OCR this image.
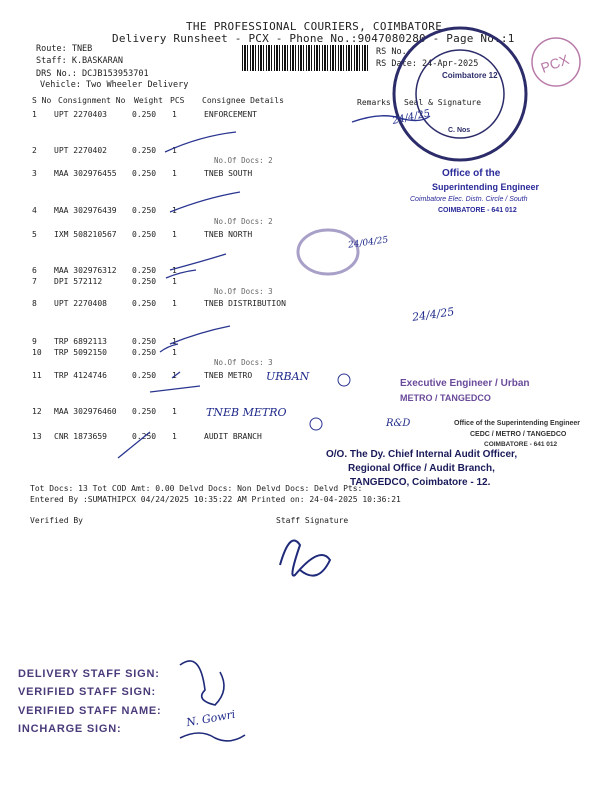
THE PROFESSIONAL COURIERS, COIMBATORE
Delivery Runsheet - PCX - Phone No.:9047080280 - Page No.:1
Route: TNEB
Staff: K.BASKARAN
DRS No.: DCJB153953701
Vehicle: Two Wheeler Delivery
RS No.:
RS Date: 24-Apr-2025
S No Consignment No Weight PCS Consignee Details	Remarks Seal & Signature
1 UPT 2270403	0.250 1	ENFORCEMENT
2 UPT 2270402	0.250 1
No.Of Docs: 2
3 MAA 302976455 0.250 1	TNEB SOUTH
4 MAA 302976439 0.250 1
No.Of Docs: 2
5 IXM 508210567 0.250 1	TNEB NORTH
6 MAA 302976312 0.250 1
7 DPI 572112	0.250 1
No.Of Docs: 3
8 UPT 2270408	0.250 1	TNEB DISTRIBUTION
9 TRP 6892113	0.250 1
10 TRP 5092150	0.250 1
No.Of Docs: 3
11 TRP 4124746	0.250 1	TNEB METRO
12 MAA 302976460 0.250 1
13 CNR 1873659	0.250 1	AUDIT BRANCH
Tot Docs: 13 Tot COD Amt: 0.00 Delvd Docs: Non Delvd Docs: Delvd Pts:
Entered By :SUMATHIPCX 04/24/2025 10:35:22 AM Printed on: 24-04-2025 10:36:21
Verified By	Staff Signature
PCX
Coimbatore 12
C. Nos
24/4/25
24/04/25
24/4/25
URBAN
TNEB METRO
R&D
N. Gowri
Office of the
Superintending Engineer
Coimbatore Elec. Distn. Circle / South
COIMBATORE - 641 012
Executive Engineer / Urban
METRO / TANGEDCO
Office of the Superintending Engineer
CEDC / METRO / TANGEDCO
COIMBATORE - 641 012
O/O. The Dy. Chief Internal Audit Officer,
Regional Office / Audit Branch,
TANGEDCO, Coimbatore - 12.
DELIVERY STAFF SIGN:
VERIFIED STAFF SIGN:
VERIFIED STAFF NAME:
INCHARGE SIGN:
